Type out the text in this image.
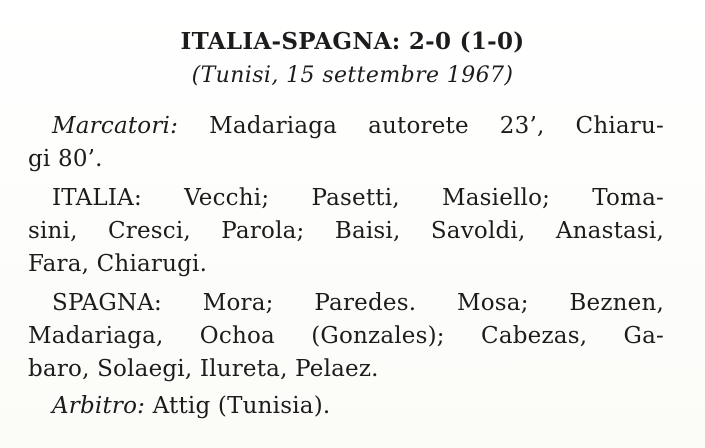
ITALIA-SPAGNA: 2-0 (1-0)
(Tunisi, 15 settembre 1967)
Marcatori: Madariaga autorete 23’, Chiaru-
gi 80’.
ITALIA: Vecchi; Pasetti, Masiello; Toma-
sini, Cresci, Parola; Baisi, Savoldi, Anastasi,
Fara, Chiarugi.
SPAGNA: Mora; Paredes. Mosa; Beznen,
Madariaga, Ochoa (Gonzales); Cabezas, Ga-
baro, Solaegi, Ilureta, Pelaez.
Arbitro: Attig (Tunisia).
